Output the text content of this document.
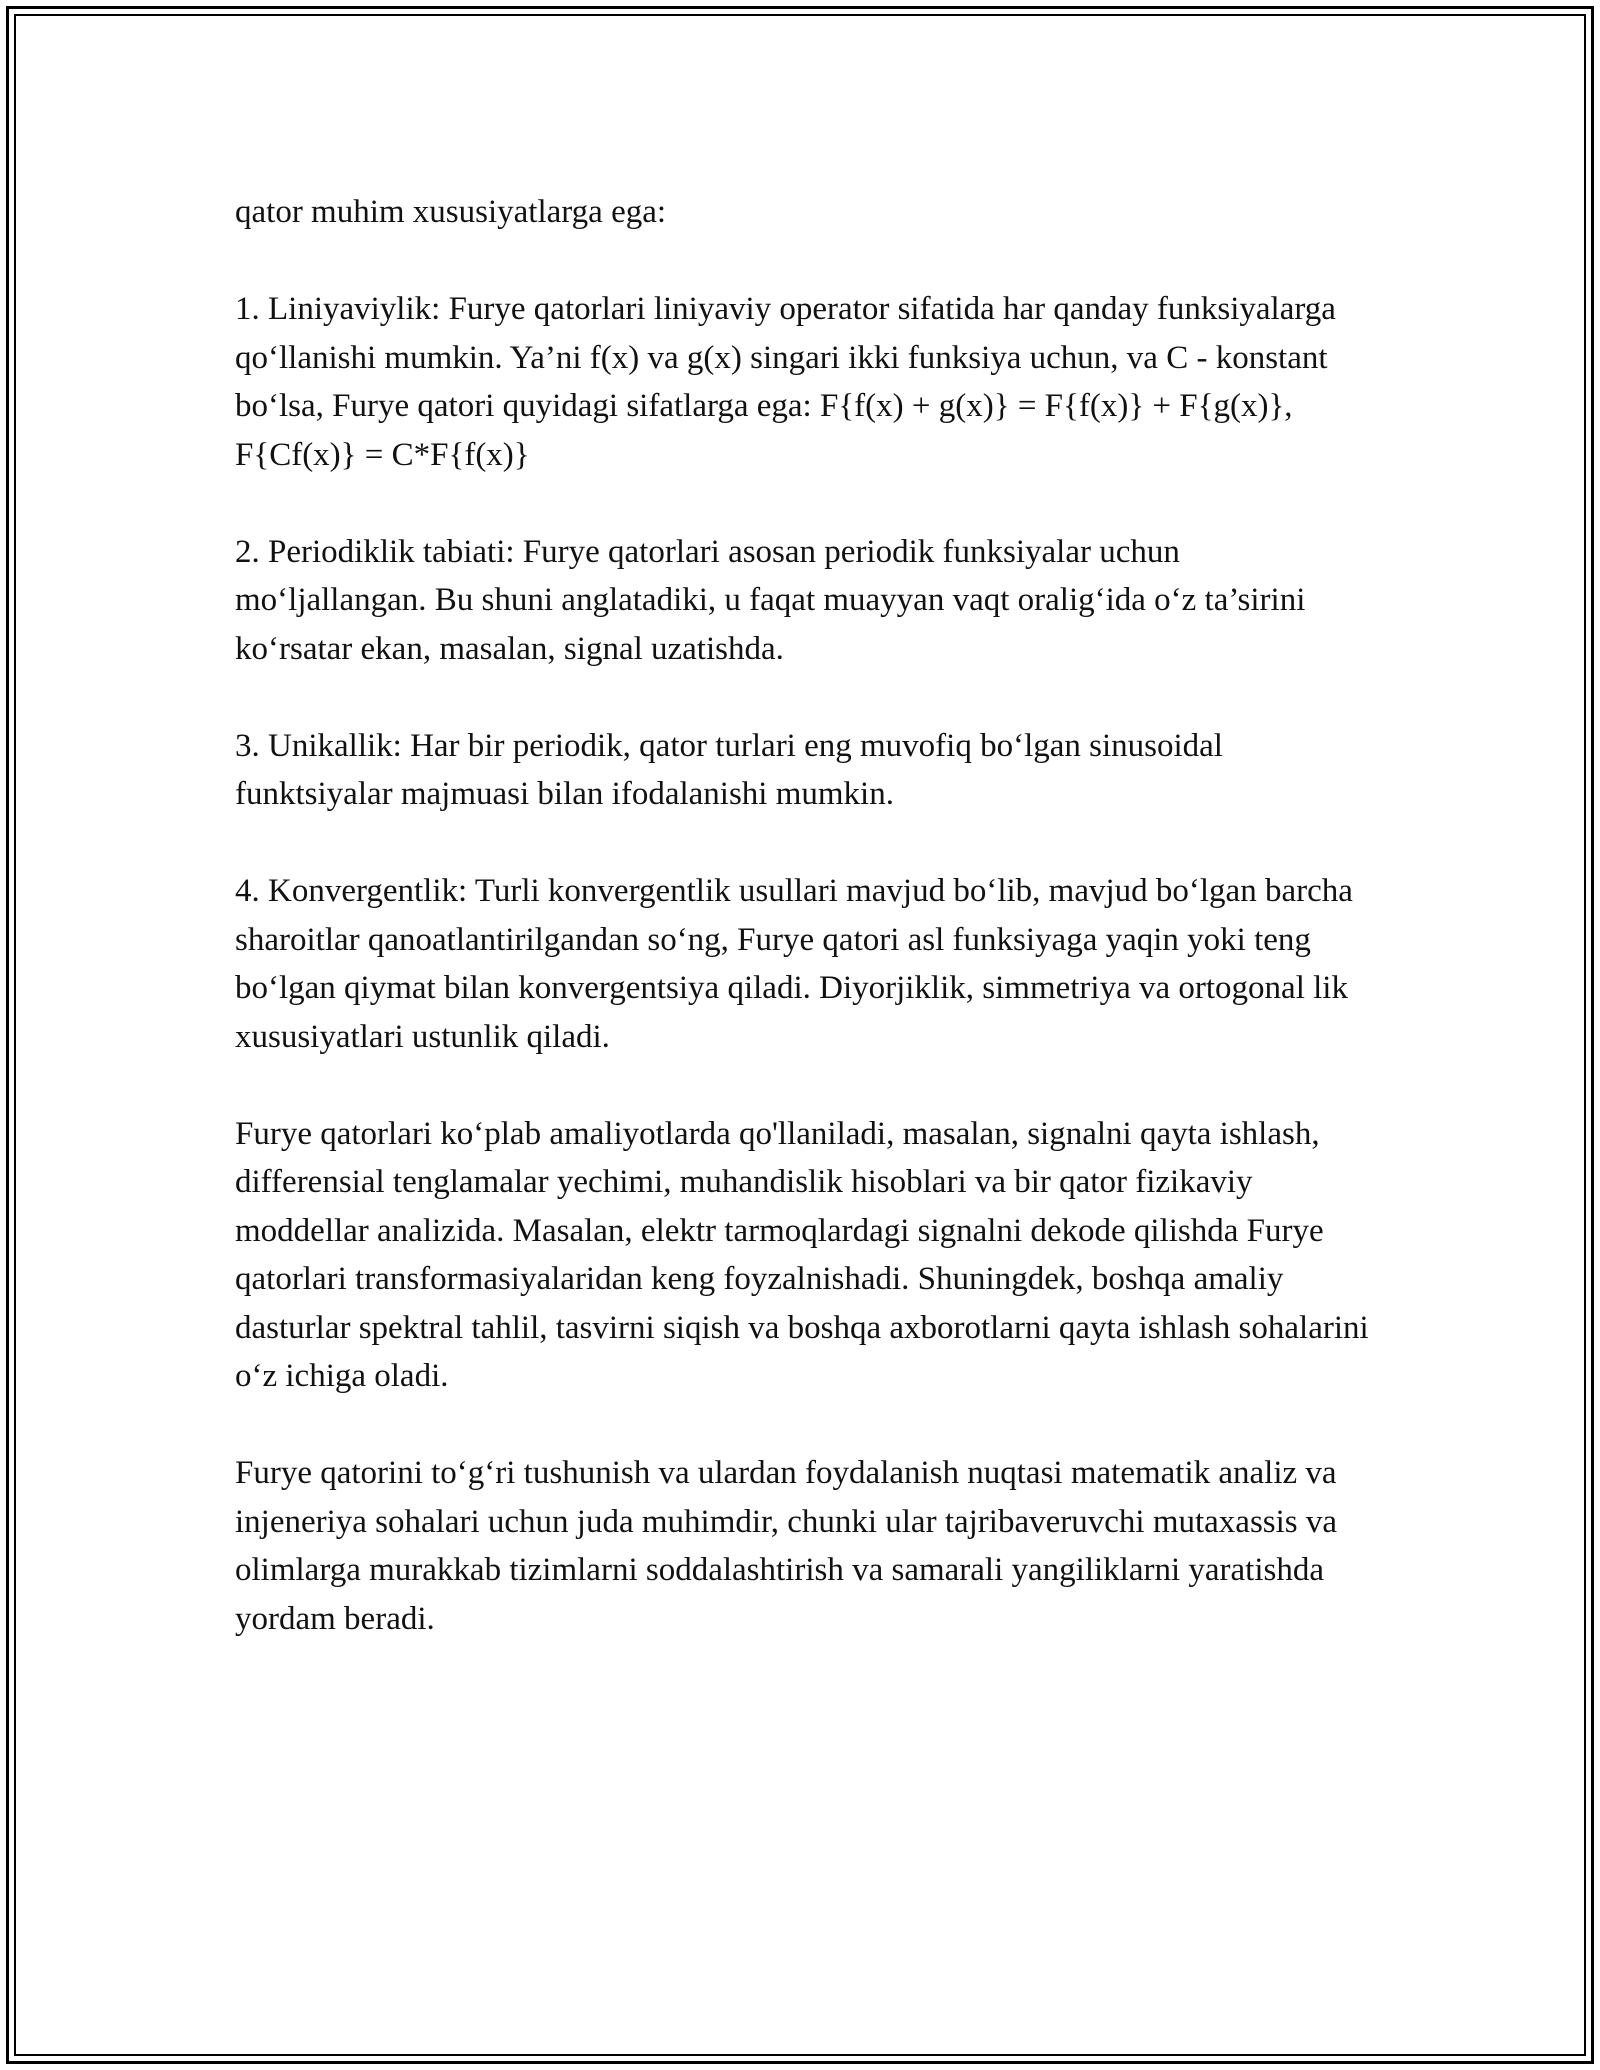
qator muhim xususiyatlarga ega:

1. Liniyaviylik: Furye qatorlari liniyaviy operator sifatida har qanday funksiyalarga qo‘llanishi mumkin. Ya’ni f(x) va g(x) singari ikki funksiya uchun, va C - konstant bo‘lsa, Furye qatori quyidagi sifatlarga ega: F{f(x) + g(x)} = F{f(x)} + F{g(x)}, F{Cf(x)} = C*F{f(x)}

2. Periodiklik tabiati: Furye qatorlari asosan periodik funksiyalar uchun mo‘ljallangan. Bu shuni anglatadiki, u faqat muayyan vaqt oralig‘ida o‘z ta’sirini ko‘rsatar ekan, masalan, signal uzatishda.

3. Unikallik: Har bir periodik, qator turlari eng muvofiq bo‘lgan sinusoidal funktsiyalar majmuasi bilan ifodalanishi mumkin.

4. Konvergentlik: Turli konvergentlik usullari mavjud bo‘lib, mavjud bo‘lgan barcha sharoitlar qanoatlantirilgandan so‘ng, Furye qatori asl funksiyaga yaqin yoki teng bo‘lgan qiymat bilan konvergentsiya qiladi. Diyorjiklik, simmetriya va ortogonal lik xususiyatlari ustunlik qiladi.

Furye qatorlari ko‘plab amaliyotlarda qo'llaniladi, masalan, signalni qayta ishlash, differensial tenglamalar yechimi, muhandislik hisoblari va bir qator fizikaviy moddellar analizida. Masalan, elektr tarmoqlardagi signalni dekode qilishda Furye qatorlari transformasiyalaridan keng foyzalnishadi. Shuningdek, boshqa amaliy dasturlar spektral tahlil, tasvirni siqish va boshqa axborotlarni qayta ishlash sohalarini o‘z ichiga oladi.

Furye qatorini to‘g‘ri tushunish va ulardan foydalanish nuqtasi matematik analiz va injeneriya sohalari uchun juda muhimdir, chunki ular tajribaveruvchi mutaxassis va olimlarga murakkab tizimlarni soddalashtirish va samarali yangiliklarni yaratishda yordam beradi.
